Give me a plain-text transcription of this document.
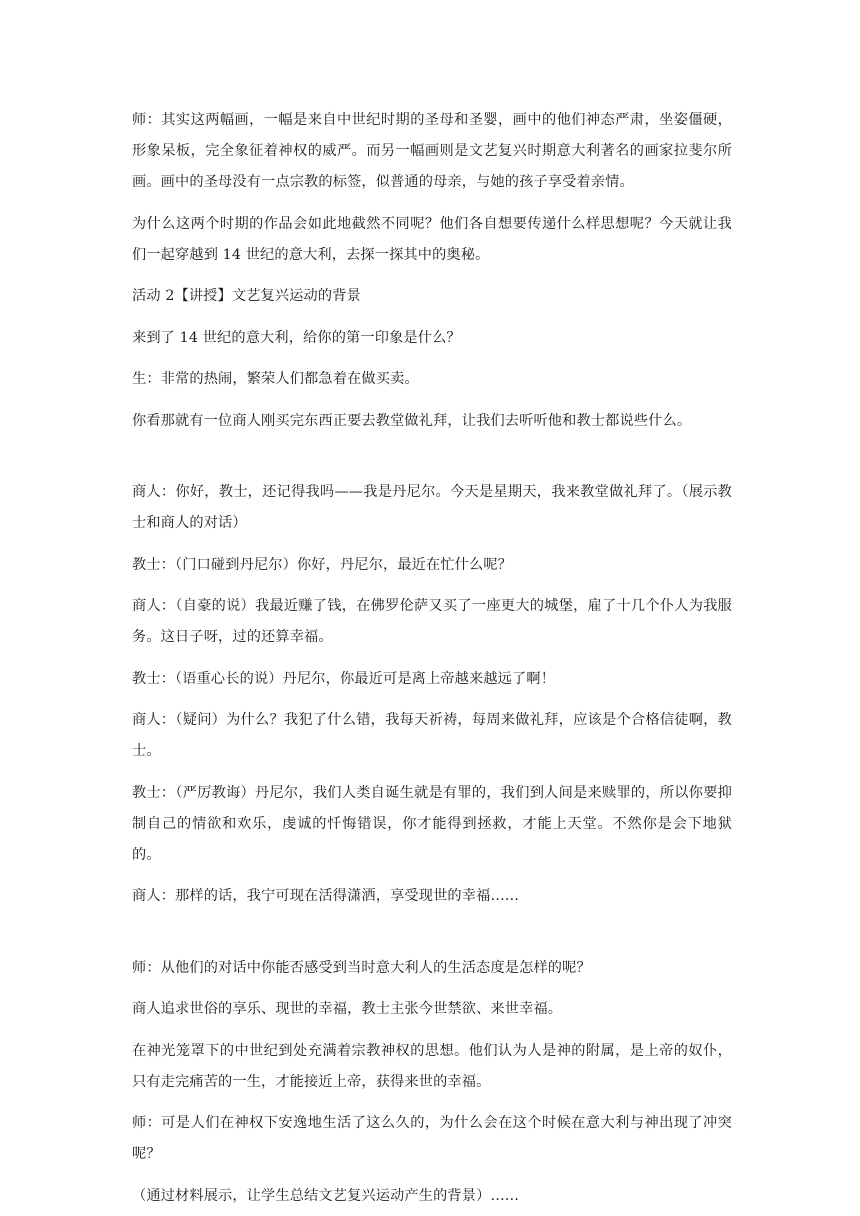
师：其实这两幅画，一幅是来自中世纪时期的圣母和圣婴，画中的他们神态严肃，坐姿僵硬，形象呆板，完全象征着神权的威严。而另一幅画则是文艺复兴时期意大利著名的画家拉斐尔所画。画中的圣母没有一点宗教的标签，似普通的母亲，与她的孩子享受着亲情。

为什么这两个时期的作品会如此地截然不同呢？他们各自想要传递什么样思想呢？今天就让我们一起穿越到 14 世纪的意大利，去探一探其中的奥秘。

活动 2【讲授】文艺复兴运动的背景

来到了 14 世纪的意大利，给你的第一印象是什么？

生：非常的热闹，繁荣人们都急着在做买卖。

你看那就有一位商人刚买完东西正要去教堂做礼拜，让我们去听听他和教士都说些什么。

商人：你好，教士，还记得我吗——我是丹尼尔。今天是星期天，我来教堂做礼拜了。（展示教士和商人的对话）

教士：（门口碰到丹尼尔）你好，丹尼尔，最近在忙什么呢？

商人：（自豪的说）我最近赚了钱，在佛罗伦萨又买了一座更大的城堡，雇了十几个仆人为我服务。这日子呀，过的还算幸福。

教士：（语重心长的说）丹尼尔，你最近可是离上帝越来越远了啊！

商人：（疑问）为什么？我犯了什么错，我每天祈祷，每周来做礼拜，应该是个合格信徒啊，教士。

教士：（严厉教诲）丹尼尔，我们人类自诞生就是有罪的，我们到人间是来赎罪的，所以你要抑制自己的情欲和欢乐，虔诚的忏悔错误，你才能得到拯救，才能上天堂。不然你是会下地狱的。

商人：那样的话，我宁可现在活得潇洒，享受现世的幸福……

师：从他们的对话中你能否感受到当时意大利人的生活态度是怎样的呢？

商人追求世俗的享乐、现世的幸福，教士主张今世禁欲、来世幸福。

在神光笼罩下的中世纪到处充满着宗教神权的思想。他们认为人是神的附属，是上帝的奴仆，只有走完痛苦的一生，才能接近上帝，获得来世的幸福。

师：可是人们在神权下安逸地生活了这么久的，为什么会在这个时候在意大利与神出现了冲突呢？

（通过材料展示，让学生总结文艺复兴运动产生的背景）……
